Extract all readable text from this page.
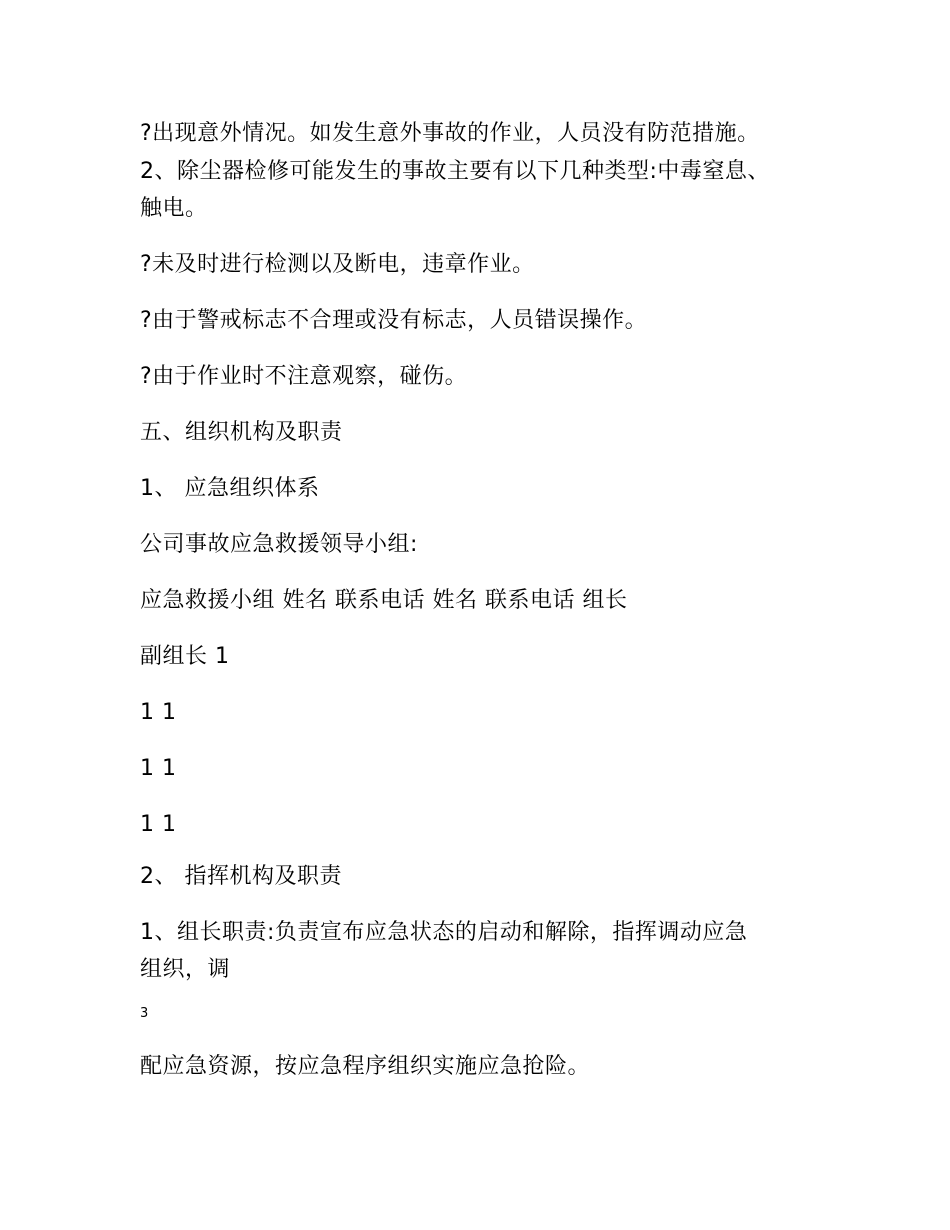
?出现意外情况。如发生意外事故的作业，人员没有防范措施。
2、除尘器检修可能发生的事故主要有以下几种类型:中毒窒息、
触电。
?未及时进行检测以及断电，违章作业。
?由于警戒标志不合理或没有标志，人员错误操作。
?由于作业时不注意观察，碰伤。
五、组织机构及职责
1、 应急组织体系
公司事故应急救援领导小组:
应急救援小组 姓名 联系电话 姓名 联系电话 组长
副组长 1
1 1
1 1
1 1
2、 指挥机构及职责
1、组长职责:负责宣布应急状态的启动和解除，指挥调动应急
组织，调
3
配应急资源，按应急程序组织实施应急抢险。
